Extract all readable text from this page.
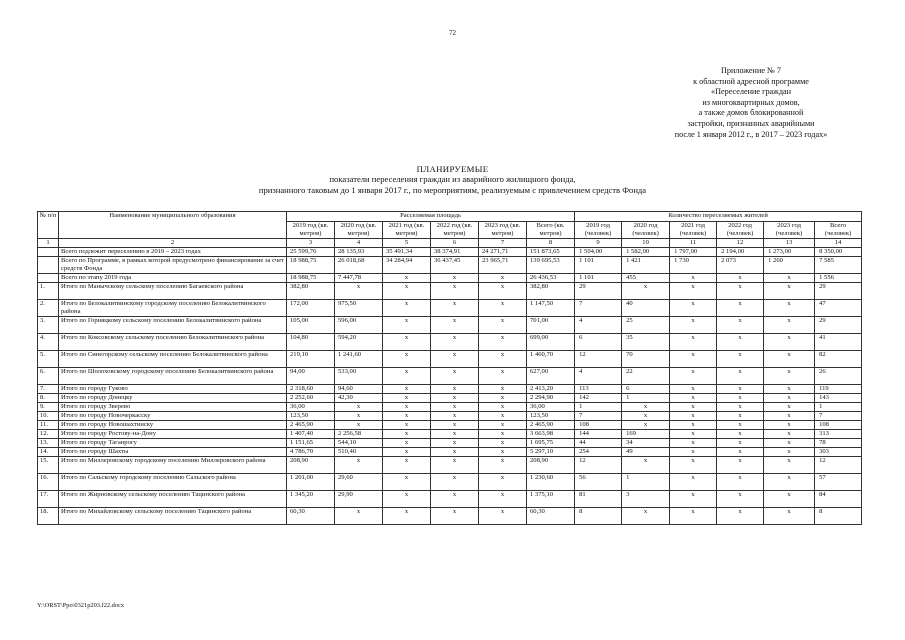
72
Приложение № 7
к областной адресной программе
«Переселение граждан
из многоквартирных домов,
а также домов блокированной
застройки, признанных аварийными
после 1 января 2012 г., в 2017 – 2023 годах»
ПЛАНИРУЕМЫЕ
показатели переселения граждан из аварийного жилищного фонда,
признанного таковым до 1 января 2017 г., по мероприятиям, реализуемым с привлечением средств Фонда
№ п/п	Наименование муниципального образования	Расселяемая площадь						Количество переселяемых жителей					
		2019 год (кв. метров)	2020 год (кв. метров)	2021 год (кв. метров)	2022 год (кв. метров)	2023 год (кв. метров)	Всего (кв. метров)	2019 год (человек)	2020 год (человек)	2021 год (человек)	2022 год (человек)	2023 год (человек)	Всего (человек)
1	2	3	4	5	6	7	8	9	10	11	12	13	14
	Всего подлежит переселению в 2019 – 2023 годах	25 599,76	28 135,93	35 491,34	38 374,91	24 271,71	151 873,65	1 504,00	1 582,00	1 797,00	2 194,00	1 273,00	8 350,00
	Всего по Программе, в рамках которой предусмотрено финансирование за счет средств Фонда	18 988,75	26 018,68	34 284,94	36 437,45	23 965,71	139 695,53	1 101	1 421	1 730	2 073	1 260	7 585
	Всего по этапу 2019 года	18 988,75	7 447,78	x	x	x	26 436,53	1 101	455	x	x	x	1 556
1.	Итого по Манычскому сельскому поселению Багаевского района	382,80	x	x	x	x	382,80	29	x	x	x	x	29
2.	Итого по Белокалитвинскому городскому поселению Белокалитвинского района	172,00	975,50	x	x	x	1 147,50	7	40	x	x	x	47
3.	Итого по Горняцкому сельскому поселению Белокалитвинского района	105,00	596,00	x	x	x	701,00	4	25	x	x	x	29
4.	Итого по Коксовскому сельскому поселению Белокалитвинского района	104,80	594,20	x	x	x	699,00	6	35	x	x	x	41
5.	Итого по Синегорскому сельскому поселению Белокалитвинского района	219,10	1 241,60	x	x	x	1 460,70	12	70	x	x	x	82
6.	Итого по Шолоховскому городскому поселению Белокалитвинского района	94,00	533,00	x	x	x	627,00	4	22	x	x	x	26
7.	Итого по городу Гуково	2 318,60	94,60	x	x	x	2 413,20	113	6	x	x	x	119
8.	Итого по городу Донецку	2 252,60	42,30	x	x	x	2 294,90	142	1	x	x	x	143
9.	Итого по городу Зверево	36,00	x	x	x	x	36,00	1	x	x	x	x	1
10.	Итого по городу Новочеркасску	123,50	x	x	x	x	123,50	7	x	x	x	x	7
11.	Итого по городу Новошахтинску	2 465,90	x	x	x	x	2 465,90	108	x	x	x	x	108
12.	Итого по городу Ростову-на-Дону	1 407,40	2 256,58	x	x	x	3 663,98	144	169	x	x	x	313
13.	Итого по городу Таганрогу	1 151,65	544,10	x	x	x	1 695,75	44	34	x	x	x	78
14.	Итого по городу Шахты	4 786,70	510,40	x	x	x	5 297,10	254	49	x	x	x	303
15.	Итого по Миллеровскому городскому поселению Миллеровского района	208,90	x	x	x	x	208,90	12	x	x	x	x	12
16.	Итого по Сальскому городскому поселению Сальского района	1 201,00	29,60	x	x	x	1 230,60	56	1	x	x	x	57
17.	Итого по Жирновскому сельскому поселению Тацинского района	1 345,20	29,90	x	x	x	1 375,10	81	3	x	x	x	84
18.	Итого по Михайловскому сельскому поселению Тацинского района	60,30	x	x	x	x	60,30	8	x	x	x	x	8
Y:\ORST\Ppo\0321p203.f22.docx
